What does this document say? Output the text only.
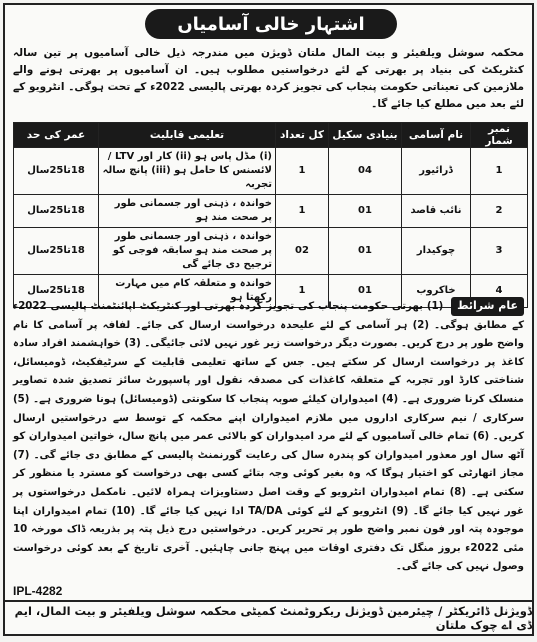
اشتہار خالی آسامیاں
محکمہ سوشل ویلفیئر و بیت المال ملتان ڈویژن میں مندرجہ ذیل خالی آسامیوں پر تین سالہ کنٹریکٹ کی بنیاد پر بھرتی کے لئے درخواستیں مطلوب ہیں۔ ان آسامیوں پر بھرتی ہونے والے ملازمین کی تعیناتی حکومت پنجاب کی تجویز کردہ بھرتی پالیسی 2022ء کے تحت ہوگی۔ انٹرویو کے لئے بعد میں مطلع کیا جائے گا۔
نمبر شمار	نام آسامی	بنیادی سکیل	کل تعداد	تعلیمی قابلیت	عمر کی حد
1	ڈرائیور	04	1	(i) مڈل پاس ہو (ii) کار اور LTV / لائسنس کا حامل ہو (iii) پانچ سالہ تجربہ	18تا25سال
2	نائب قاصد	01	1	خواندہ ، ذہنی اور جسمانی طور پر صحت مند ہو	18تا25سال
3	چوکیدار	01	02	خواندہ ، ذہنی اور جسمانی طور پر صحت مند ہو سابقہ فوجی کو ترجیح دی جائے گی	18تا25سال
4	خاکروب	01	1	خواندہ و متعلقہ کام میں مہارت رکھتا ہو	18تا25سال
عام شرائط (1) بھرتی حکومت پنجاب کی تجویز کردہ بھرتی اور کنٹریکٹ اپائنٹمنٹ پالیسی 2022ء کے مطابق ہوگی۔ (2) ہر آسامی کے لئے علیحدہ درخواست ارسال کی جائے۔ لفافہ پر آسامی کا نام واضح طور پر درج کریں۔ بصورت دیگر درخواست زیر غور نہیں لائی جائیگی۔ (3) خواہشمند افراد سادہ کاغذ پر درخواست ارسال کر سکتے ہیں۔ جس کے ساتھ تعلیمی قابلیت کے سرٹیفکیٹ، ڈومیسائل، شناختی کارڈ اور تجربہ کے متعلقہ کاغذات کی مصدقہ نقول اور پاسپورٹ سائز تصدیق شدہ تصاویر منسلک کرنا ضروری ہے۔ (4) امیدواران کیلئے صوبہ پنجاب کا سکونتی (ڈومیسائل) ہونا ضروری ہے۔ (5) سرکاری / نیم سرکاری اداروں میں ملازم امیدواران اپنے محکمہ کے توسط سے درخواستیں ارسال کریں۔ (6) تمام خالی آسامیوں کے لئے مرد امیدواران کو بالائی عمر میں پانچ سال، خواتین امیدواران کو آٹھ سال اور معذور امیدواران کو پندرہ سال کی رعایت گورنمنٹ پالیسی کے مطابق دی جائے گی۔ (7) مجاز اتھارٹی کو اختیار ہوگا کہ وہ بغیر کوئی وجہ بتائے کسی بھی درخواست کو مسترد یا منظور کر سکتی ہے۔ (8) تمام امیدواران انٹرویو کے وقت اصل دستاویزات ہمراہ لائیں۔ نامکمل درخواستوں پر غور نہیں کیا جائے گا۔ (9) انٹرویو کے لئے کوئی TA/DA ادا نہیں کیا جائے گا۔ (10) تمام امیدواران اپنا موجودہ پتہ اور فون نمبر واضح طور پر تحریر کریں۔ درخواستیں درج ذیل پتہ پر بذریعہ ڈاک مورخہ 10 مئی 2022ء بروز منگل تک دفتری اوقات میں پہنچ جانی چاہئیں۔ آخری تاریخ کے بعد کوئی درخواست وصول نہیں کی جائے گی۔
IPL-4282
ڈویژنل ڈائریکٹر / چیئرمین ڈویژنل ریکروٹمنٹ کمیٹی محکمہ سوشل ویلفیئر و بیت المال، ایم ڈی اے چوک ملتان
